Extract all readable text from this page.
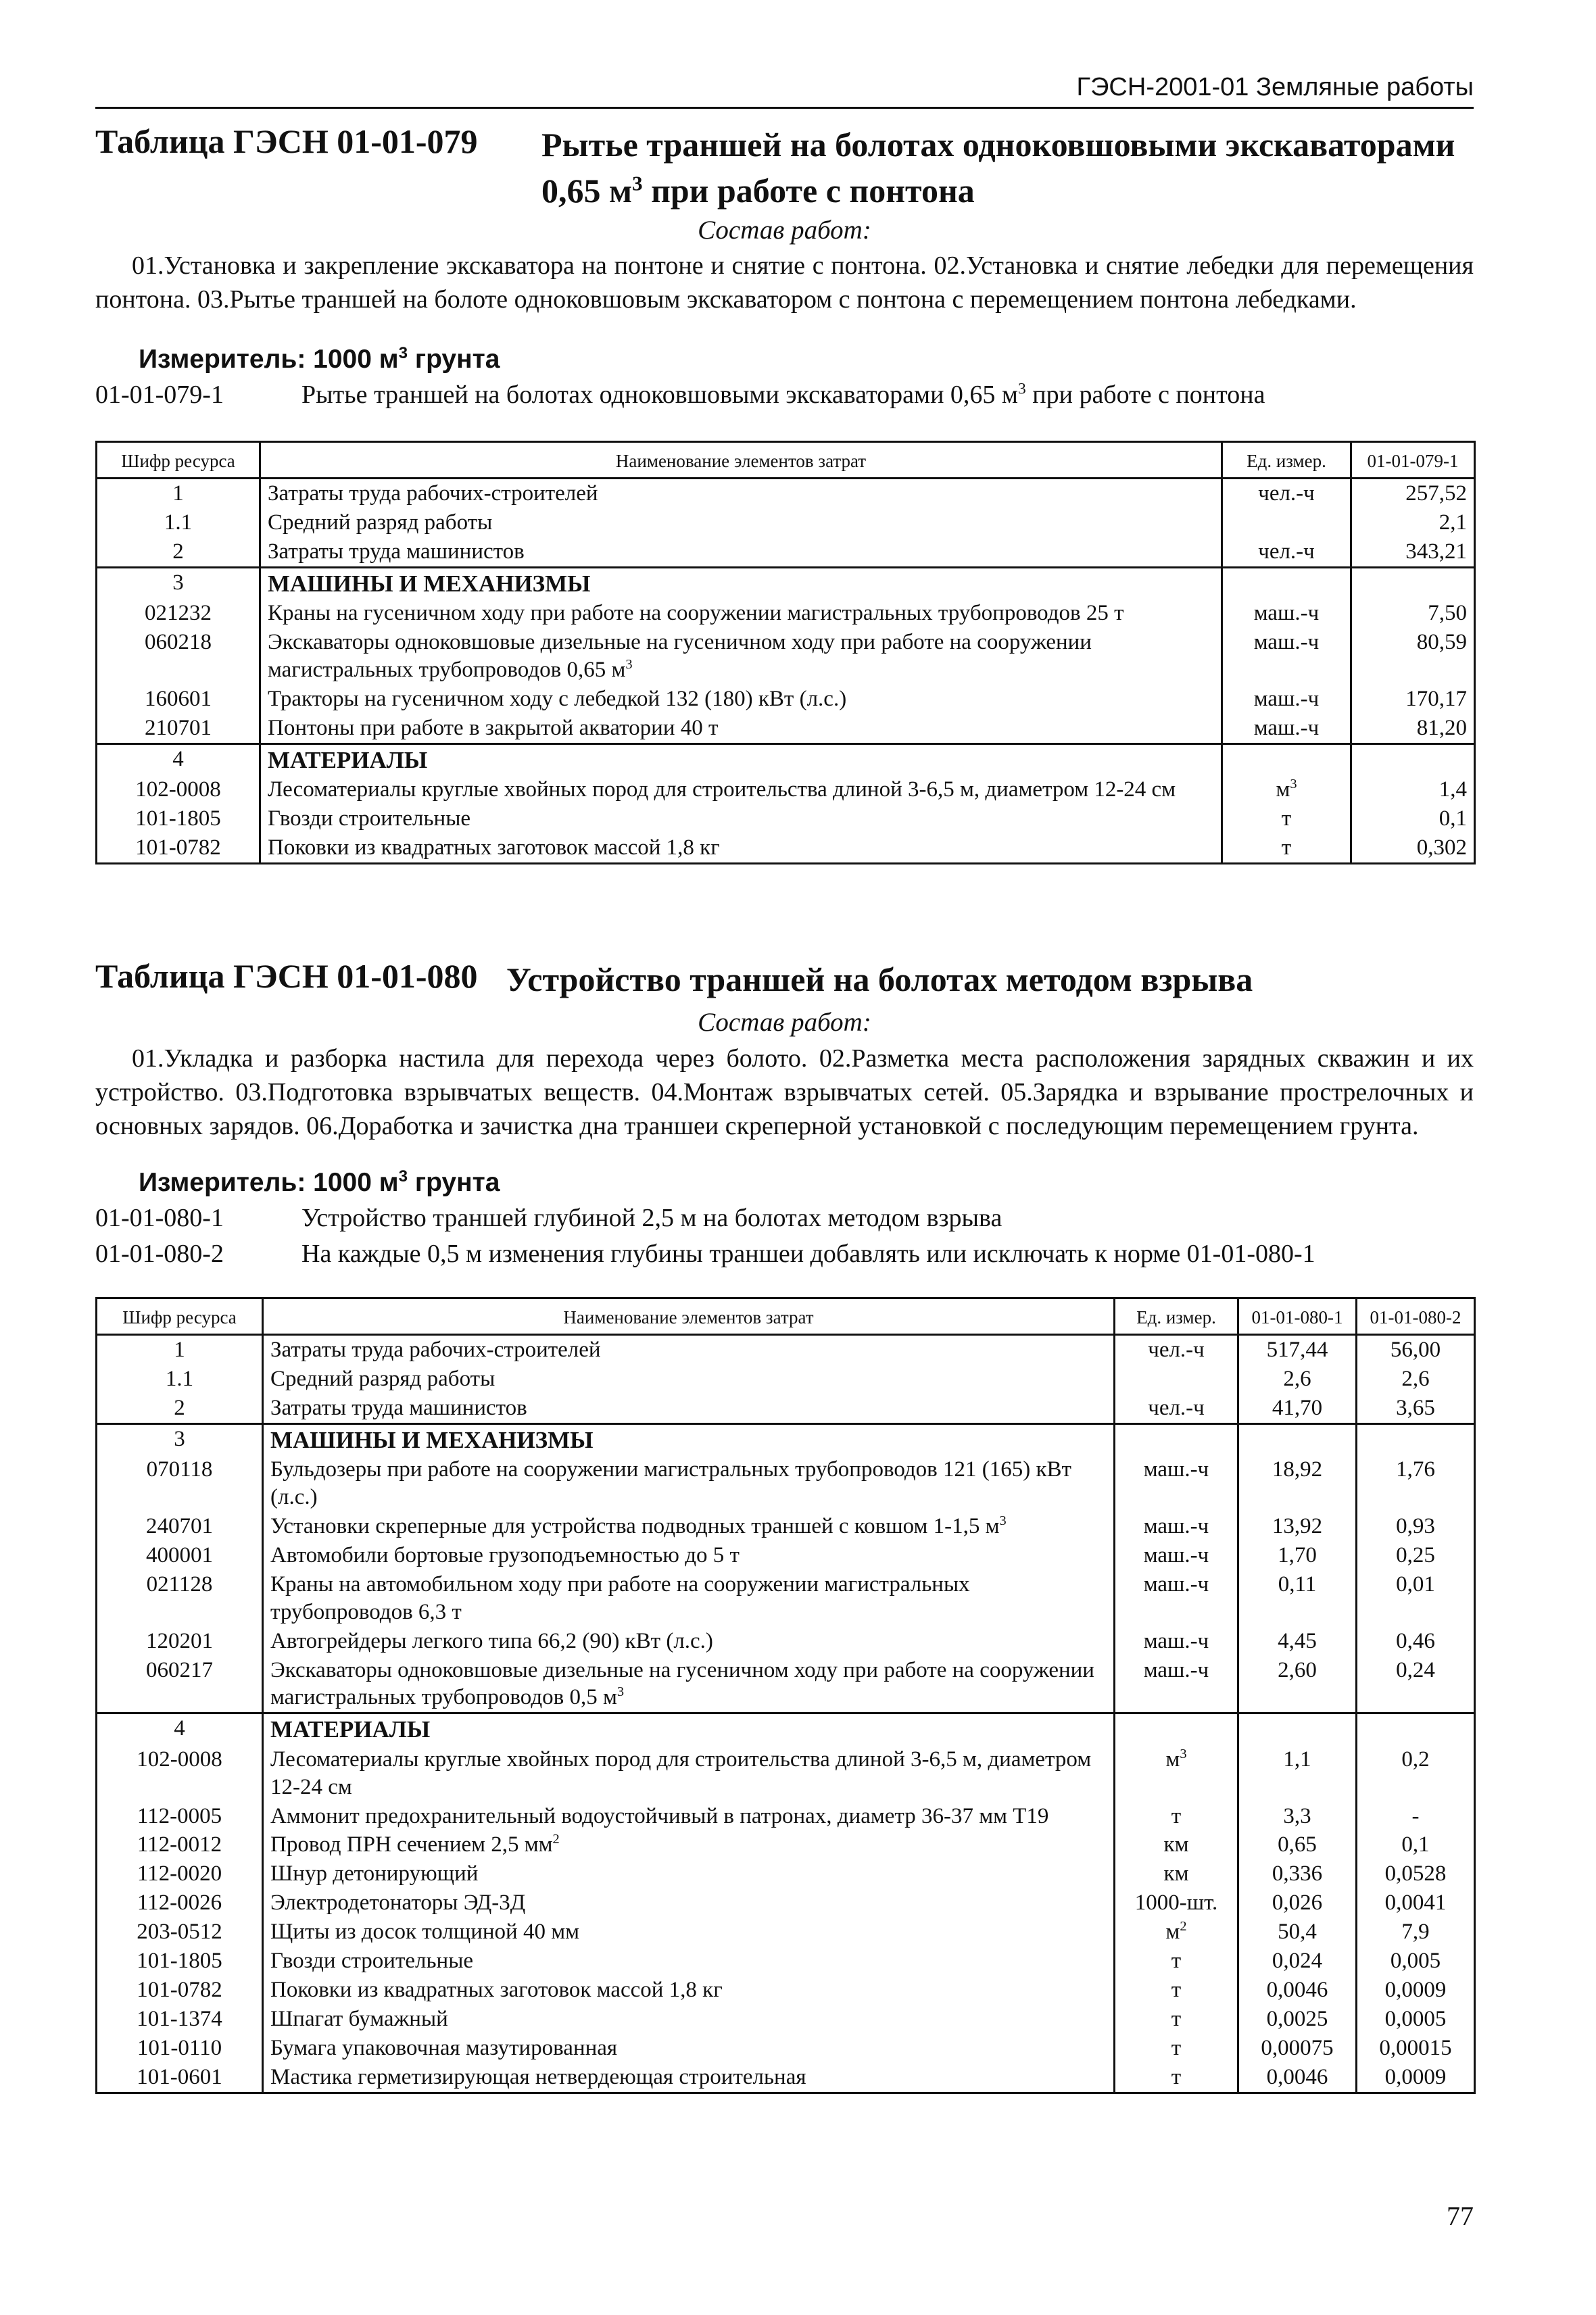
ГЭСН-2001-01 Земляные работы
Таблица ГЭСН 01-01-079 Рытье траншей на болотах одноковшовыми экскаваторами
0,65 $м^3$ при работе с понтона
Состав работ:
01.Установка и закрепление экскаватора на понтоне и снятие с понтона. 02.Установка и снятие лебедки для перемещения понтона. 03.Рытье траншей на болоте одноковшовым экскаватором с понтона с перемещением понтона лебедками.
Измеритель: 1000 $м^3$ грунта
01-01-079-1	Рытье траншей на болотах одноковшовыми экскаваторами 0,65 $м^3$ при работе с понтона
Шифр ресурса	Наименование элементов затрат	Ед. измер.	01-01-079-1
1	Затраты труда рабочих-строителей	чел.-ч	257,52
1.1	Средний разряд работы		2,1
2	Затраты труда машинистов	чел.-ч	343,21
3	МАШИНЫ И МЕХАНИЗМЫ		
021232	Краны на гусеничном ходу при работе на сооружении магистральных трубопроводов 25 т	маш.-ч	7,50
060218	Экскаваторы одноковшовые дизельные на гусеничном ходу при работе на сооружении магистральных трубопроводов 0,65 $м^3$	маш.-ч	80,59
160601	Тракторы на гусеничном ходу с лебедкой 132 (180) кВт (л.с.)	маш.-ч	170,17
210701	Понтоны при работе в закрытой акватории 40 т	маш.-ч	81,20
4	МАТЕРИАЛЫ		
102-0008	Лесоматериалы круглые хвойных пород для строительства длиной 3-6,5 м, диаметром 12-24 см	$м^3$	1,4
101-1805	Гвозди строительные	т	0,1
101-0782	Поковки из квадратных заготовок массой 1,8 кг	т	0,302
Таблица ГЭСН 01-01-080 Устройство траншей на болотах методом взрыва
Состав работ:
01.Укладка и разборка настила для перехода через болото. 02.Разметка места расположения зарядных скважин и их устройство. 03.Подготовка взрывчатых веществ. 04.Монтаж взрывчатых сетей. 05.Зарядка и взрывание прострелочных и основных зарядов. 06.Доработка и зачистка дна траншеи скреперной установкой с последующим перемещением грунта.
Измеритель: 1000 $м^3$ грунта
01-01-080-1	Устройство траншей глубиной 2,5 м на болотах методом взрыва
01-01-080-2	На каждые 0,5 м изменения глубины траншеи добавлять или исключать к норме 01-01-080-1
Шифр ресурса	Наименование элементов затрат	Ед. измер.	01-01-080-1	01-01-080-2
1	Затраты труда рабочих-строителей	чел.-ч	517,44	56,00
1.1	Средний разряд работы		2,6	2,6
2	Затраты труда машинистов	чел.-ч	41,70	3,65
3	МАШИНЫ И МЕХАНИЗМЫ			
070118	Бульдозеры при работе на сооружении магистральных трубопроводов 121 (165) кВт (л.с.)	маш.-ч	18,92	1,76
240701	Установки скреперные для устройства подводных траншей с ковшом 1-1,5 $м^3$	маш.-ч	13,92	0,93
400001	Автомобили бортовые грузоподъемностью до 5 т	маш.-ч	1,70	0,25
021128	Краны на автомобильном ходу при работе на сооружении магистральных трубопроводов 6,3 т	маш.-ч	0,11	0,01
120201	Автогрейдеры легкого типа 66,2 (90) кВт (л.с.)	маш.-ч	4,45	0,46
060217	Экскаваторы одноковшовые дизельные на гусеничном ходу при работе на сооружении магистральных трубопроводов 0,5 $м^3$	маш.-ч	2,60	0,24
4	МАТЕРИАЛЫ			
102-0008	Лесоматериалы круглые хвойных пород для строительства длиной 3-6,5 м, диаметром 12-24 см	$м^3$	1,1	0,2
112-0005	Аммонит предохранительный водоустойчивый в патронах, диаметр 36-37 мм Т19	т	3,3	-
112-0012	Провод ПРН сечением 2,5 $мм^2$	км	0,65	0,1
112-0020	Шнур детонирующий	км	0,336	0,0528
112-0026	Электродетонаторы ЭД-3Д	1000-шт.	0,026	0,0041
203-0512	Щиты из досок толщиной 40 мм	$м^2$	50,4	7,9
101-1805	Гвозди строительные	т	0,024	0,005
101-0782	Поковки из квадратных заготовок массой 1,8 кг	т	0,0046	0,0009
101-1374	Шпагат бумажный	т	0,0025	0,0005
101-0110	Бумага упаковочная мазутированная	т	0,00075	0,00015
101-0601	Мастика герметизирующая нетвердеющая строительная	т	0,0046	0,0009
77
